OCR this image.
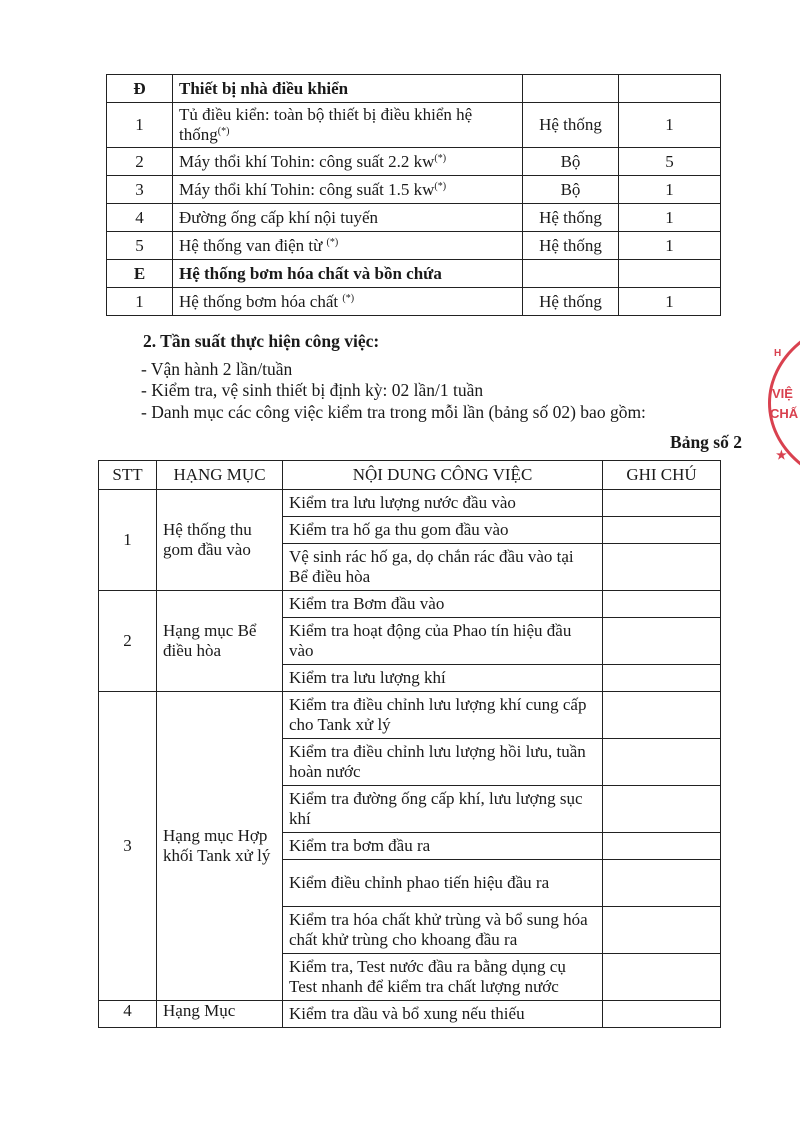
Đ	Thiết bị nhà điều khiển		
1	Tủ điều kiển: toàn bộ thiết bị điều khiển hệ thống(*)	Hệ thống	1
2	Máy thổi khí Tohin: công suất 2.2 kw(*)	Bộ	5
3	Máy thổi khí Tohin: công suất 1.5 kw(*)	Bộ	1
4	Đường ống cấp khí nội tuyến	Hệ thống	1
5	Hệ thống van điện từ (*)	Hệ thống	1
E	Hệ thống bơm hóa chất và bồn chứa		
1	Hệ thống bơm hóa chất (*)	Hệ thống	1
2. Tần suất thực hiện công việc:
- Vận hành 2 lần/tuần
- Kiểm tra, vệ sinh thiết bị định kỳ: 02 lần/1 tuần
- Danh mục các công việc kiểm tra trong mỗi lần (bảng số 02) bao gồm:
Bảng số 2
STT	HẠNG MỤC	NỘI DUNG CÔNG VIỆC	GHI CHÚ
1	Hệ thống thu gom đầu vào	Kiểm tra lưu lượng nước đầu vào	
		Kiểm tra hố ga thu gom đầu vào	
		Vệ sinh rác hố ga, dọ chắn rác đầu vào tại Bể điều hòa	
2	Hạng mục Bể điều hòa	Kiểm tra Bơm đầu vào	
		Kiểm tra hoạt động của Phao tín hiệu đầu vào	
		Kiểm tra lưu lượng khí	
3	Hạng mục Hợp khối Tank xử lý	Kiểm tra điều chỉnh lưu lượng khí cung cấp cho Tank xử lý	
		Kiểm tra điều chỉnh lưu lượng hồi lưu, tuần hoàn nước	
		Kiểm tra đường ống cấp khí, lưu lượng sục khí	
		Kiểm tra bơm đầu ra	
		Kiểm điều chỉnh phao tiến hiệu đầu ra	
		Kiểm tra hóa chất khử trùng và bổ sung hóa chất khử trùng cho khoang đầu ra	
		Kiểm tra, Test nước đầu ra bằng dụng cụ Test nhanh để kiểm tra chất lượng nước	
4	Hạng Mục	Kiểm tra dầu và bổ xung nếu thiếu	
H
VIỆ
CHẤ
★
